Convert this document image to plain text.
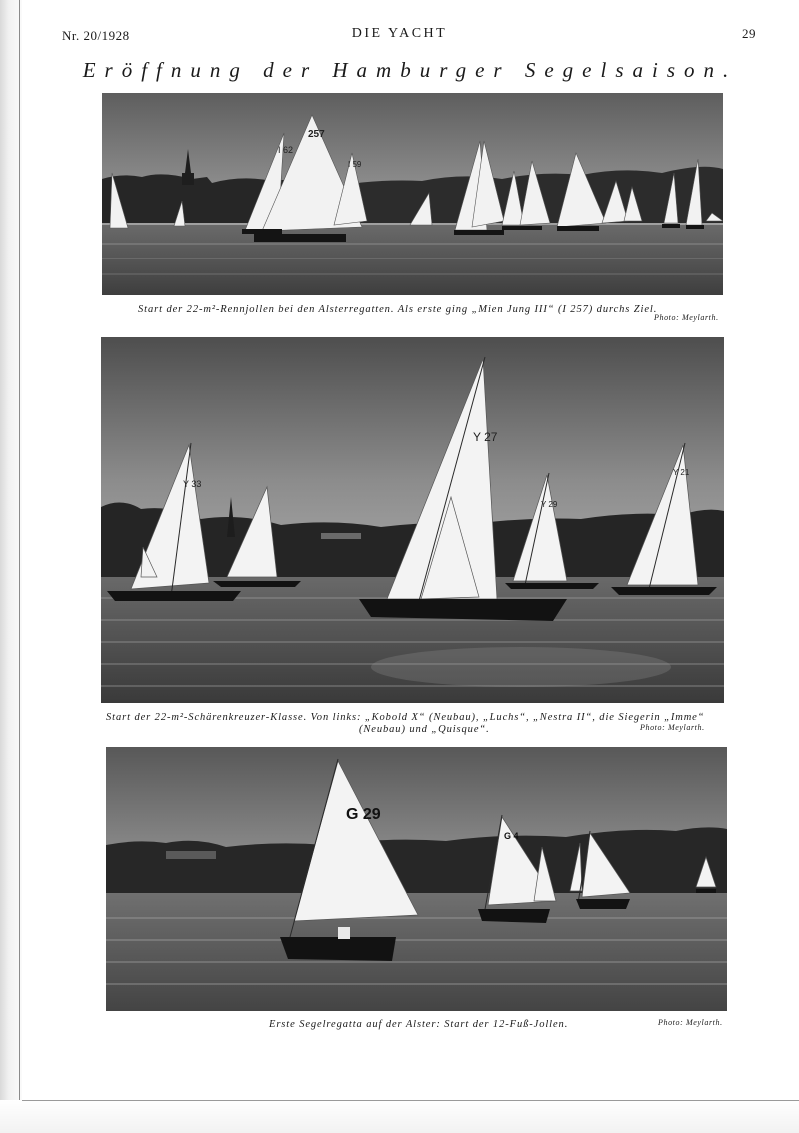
Nr. 20/1928	DIE YACHT	29
Eröffnung der Hamburger Segelsaison.
I 62
257
I 59
Start der 22-m²-Rennjollen bei den Alsterregatten. Als erste ging „Mien Jung III“ (I 257) durchs Ziel.
Photo: Meylarth.
Y 33
Y 27
Y 29
Y 21
Start der 22-m²-Schärenkreuzer-Klasse. Von links: „Kobold X“ (Neubau), „Luchs“, „Nestra II“, die Siegerin „Imme“
(Neubau) und „Quisque“.	Photo: Meylarth.
G 29
G 4
Erste Segelregatta auf der Alster: Start der 12-Fuß-Jollen.	Photo: Meylarth.
